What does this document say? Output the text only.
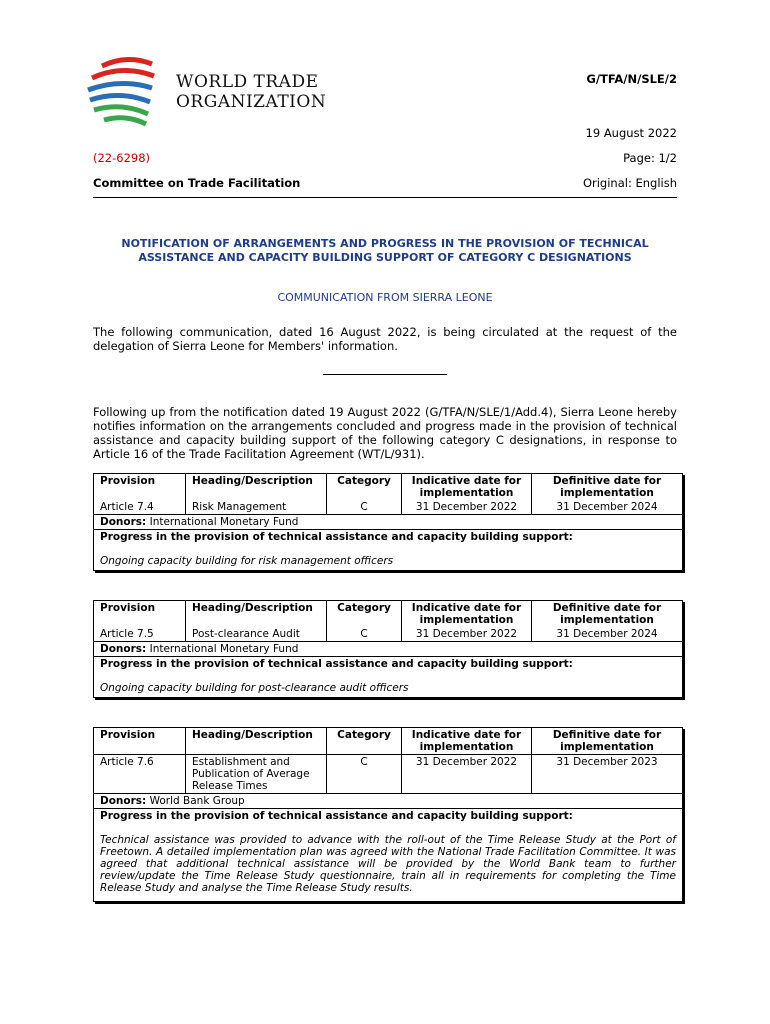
WORLD TRADE
ORGANIZATION
G/TFA/N/SLE/2
19 August 2022
(22-6298)	Page: 1/2
Committee on Trade Facilitation	Original: English
NOTIFICATION OF ARRANGEMENTS AND PROGRESS IN THE PROVISION OF TECHNICAL
ASSISTANCE AND CAPACITY BUILDING SUPPORT OF CATEGORY C DESIGNATIONS
COMMUNICATION FROM SIERRA LEONE
The following communication, dated 16 August 2022, is being circulated at the request of the delegation of Sierra Leone for Members' information.
Following up from the notification dated 19 August 2022 (G/TFA/N/SLE/1/Add.4), Sierra Leone hereby notifies information on the arrangements concluded and progress made in the provision of technical assistance and capacity building support of the following category C designations, in response to Article 16 of the Trade Facilitation Agreement (WT/L/931).
Provision	Heading/Description	Category	Indicative date for implementation	Definitive date for implementation
Article 7.4	Risk Management	C	31 December 2022	31 December 2024
Donors: International Monetary Fund				

Progress in the provision of technical assistance and capacity building support:
Ongoing capacity building for risk management officers				
Provision	Heading/Description	Category	Indicative date for implementation	Definitive date for implementation
Article 7.5	Post-clearance Audit	C	31 December 2022	31 December 2024
Donors: International Monetary Fund				

Progress in the provision of technical assistance and capacity building support:
Ongoing capacity building for post-clearance audit officers				
Provision	Heading/Description	Category	Indicative date for implementation	Definitive date for implementation
Article 7.6	Establishment and Publication of Average Release Times	C	31 December 2022	31 December 2023
Donors: World Bank Group				

Progress in the provision of technical assistance and capacity building support:
Technical assistance was provided to advance with the roll-out of the Time Release Study at the Port of Freetown. A detailed implementation plan was agreed with the National Trade Facilitation Committee. It was agreed that additional technical assistance will be provided by the World Bank team to further review/update the Time Release Study questionnaire, train all in requirements for completing the Time Release Study and analyse the Time Release Study results.				
